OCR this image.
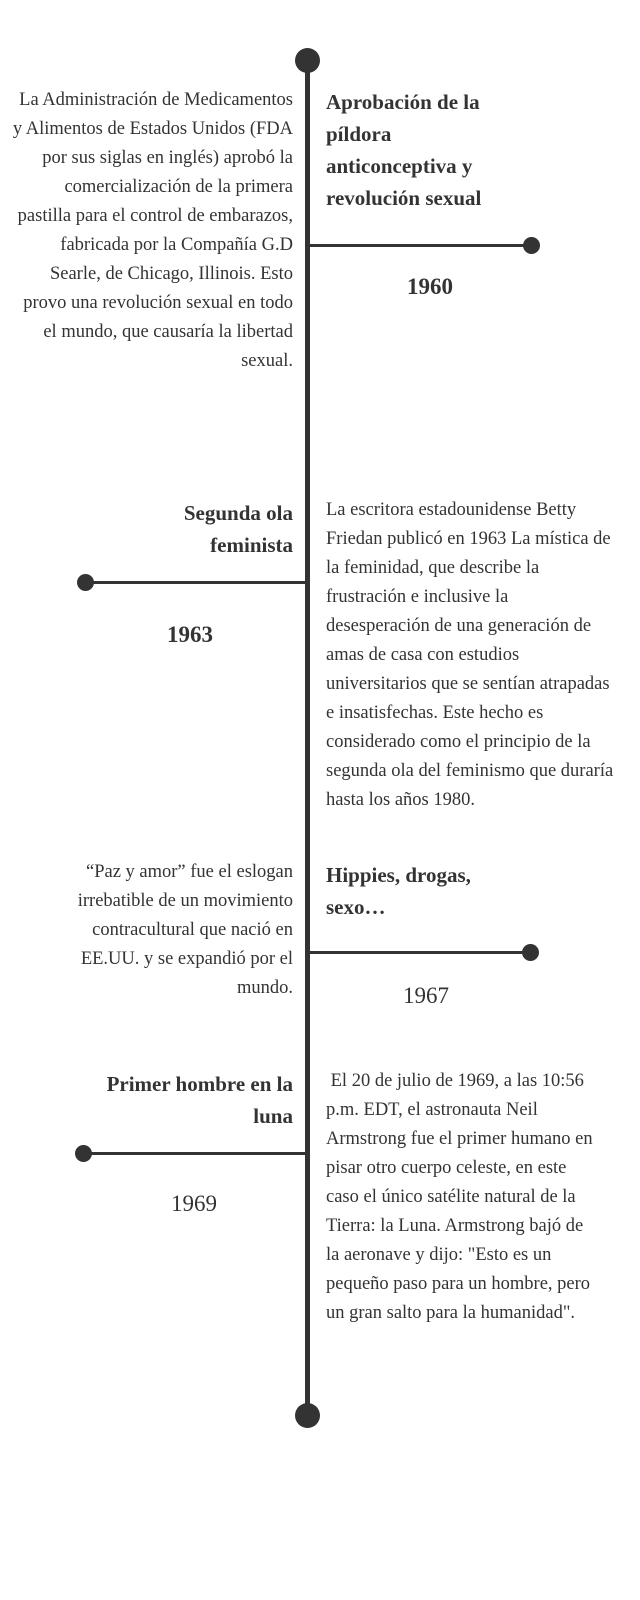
La Administración de Medicamentos y Alimentos de Estados Unidos (FDA por sus siglas en inglés) aprobó la comercialización de la primera pastilla para el control de embarazos, fabricada por la Compañía G.D Searle, de Chicago, Illinois. Esto provo una revolución sexual en todo el mundo, que causaría la libertad sexual.
Aprobación de la píldora anticonceptiva y revolución sexual
1960
Segunda ola feminista
1963
La escritora estadounidense Betty Friedan publicó en 1963 La mística de la feminidad, que describe la frustración e inclusive la desesperación de una generación de amas de casa con estudios universitarios que se sentían atrapadas e insatisfechas. Este hecho es considerado como el principio de la segunda ola del feminismo que duraría hasta los años 1980.
“Paz y amor” fue el eslogan irrebatible de un movimiento contracultural que nació en EE.UU. y se expandió por el mundo.
Hippies, drogas, sexo…
1967
Primer hombre en la luna
1969
El 20 de julio de 1969, a las 10:56 p.m. EDT, el astronauta Neil Armstrong fue el primer humano en pisar otro cuerpo celeste, en este caso el único satélite natural de la Tierra: la Luna. Armstrong bajó de la aeronave y dijo: "Esto es un pequeño paso para un hombre, pero un gran salto para la humanidad".
